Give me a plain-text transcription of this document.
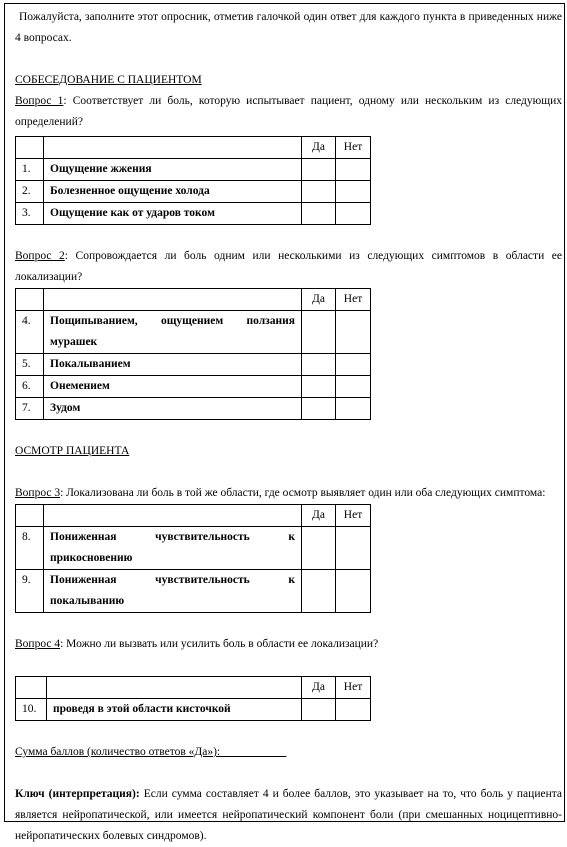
Пожалуйста, заполните этот опросник, отметив галочкой один ответ для каждого пункта в приведенных ниже 4 вопросах.

СОБЕСЕДОВАНИЕ С ПАЦИЕНТОМ

Вопрос 1: Соответствует ли боль, которую испытывает пациент, одному или нескольким из следующих определений?

		Да	Нет
1.	Ощущение жжения		
2.	Болезненное ощущение холода		
3.	Ощущение как от ударов током		

Вопрос 2: Сопровождается ли боль одним или несколькими из следующих симптомов в области ее локализации?

		Да	Нет
4.	Пощипыванием, ощущением ползания мурашек		
5.	Покалыванием		
6.	Онемением		
7.	Зудом		

ОСМОТР ПАЦИЕНТА

Вопрос 3: Локализована ли боль в той же области, где осмотр выявляет один или оба следующих симптома:

		Да	Нет
8.	Пониженная чувствительность к прикосновению		
9.	Пониженная чувствительность к покалыванию		

Вопрос 4: Можно ли вызвать или усилить боль в области ее локализации?

		Да	Нет
10.	проведя в этой области кисточкой		

Сумма баллов (количество ответов «Да»): ___________

Ключ (интерпретация): Если сумма составляет 4 и более баллов, это указывает на то, что боль у пациента является нейропатической, или имеется нейропатический компонент боли (при смешанных ноцицептивно-нейропатических болевых синдромов).
